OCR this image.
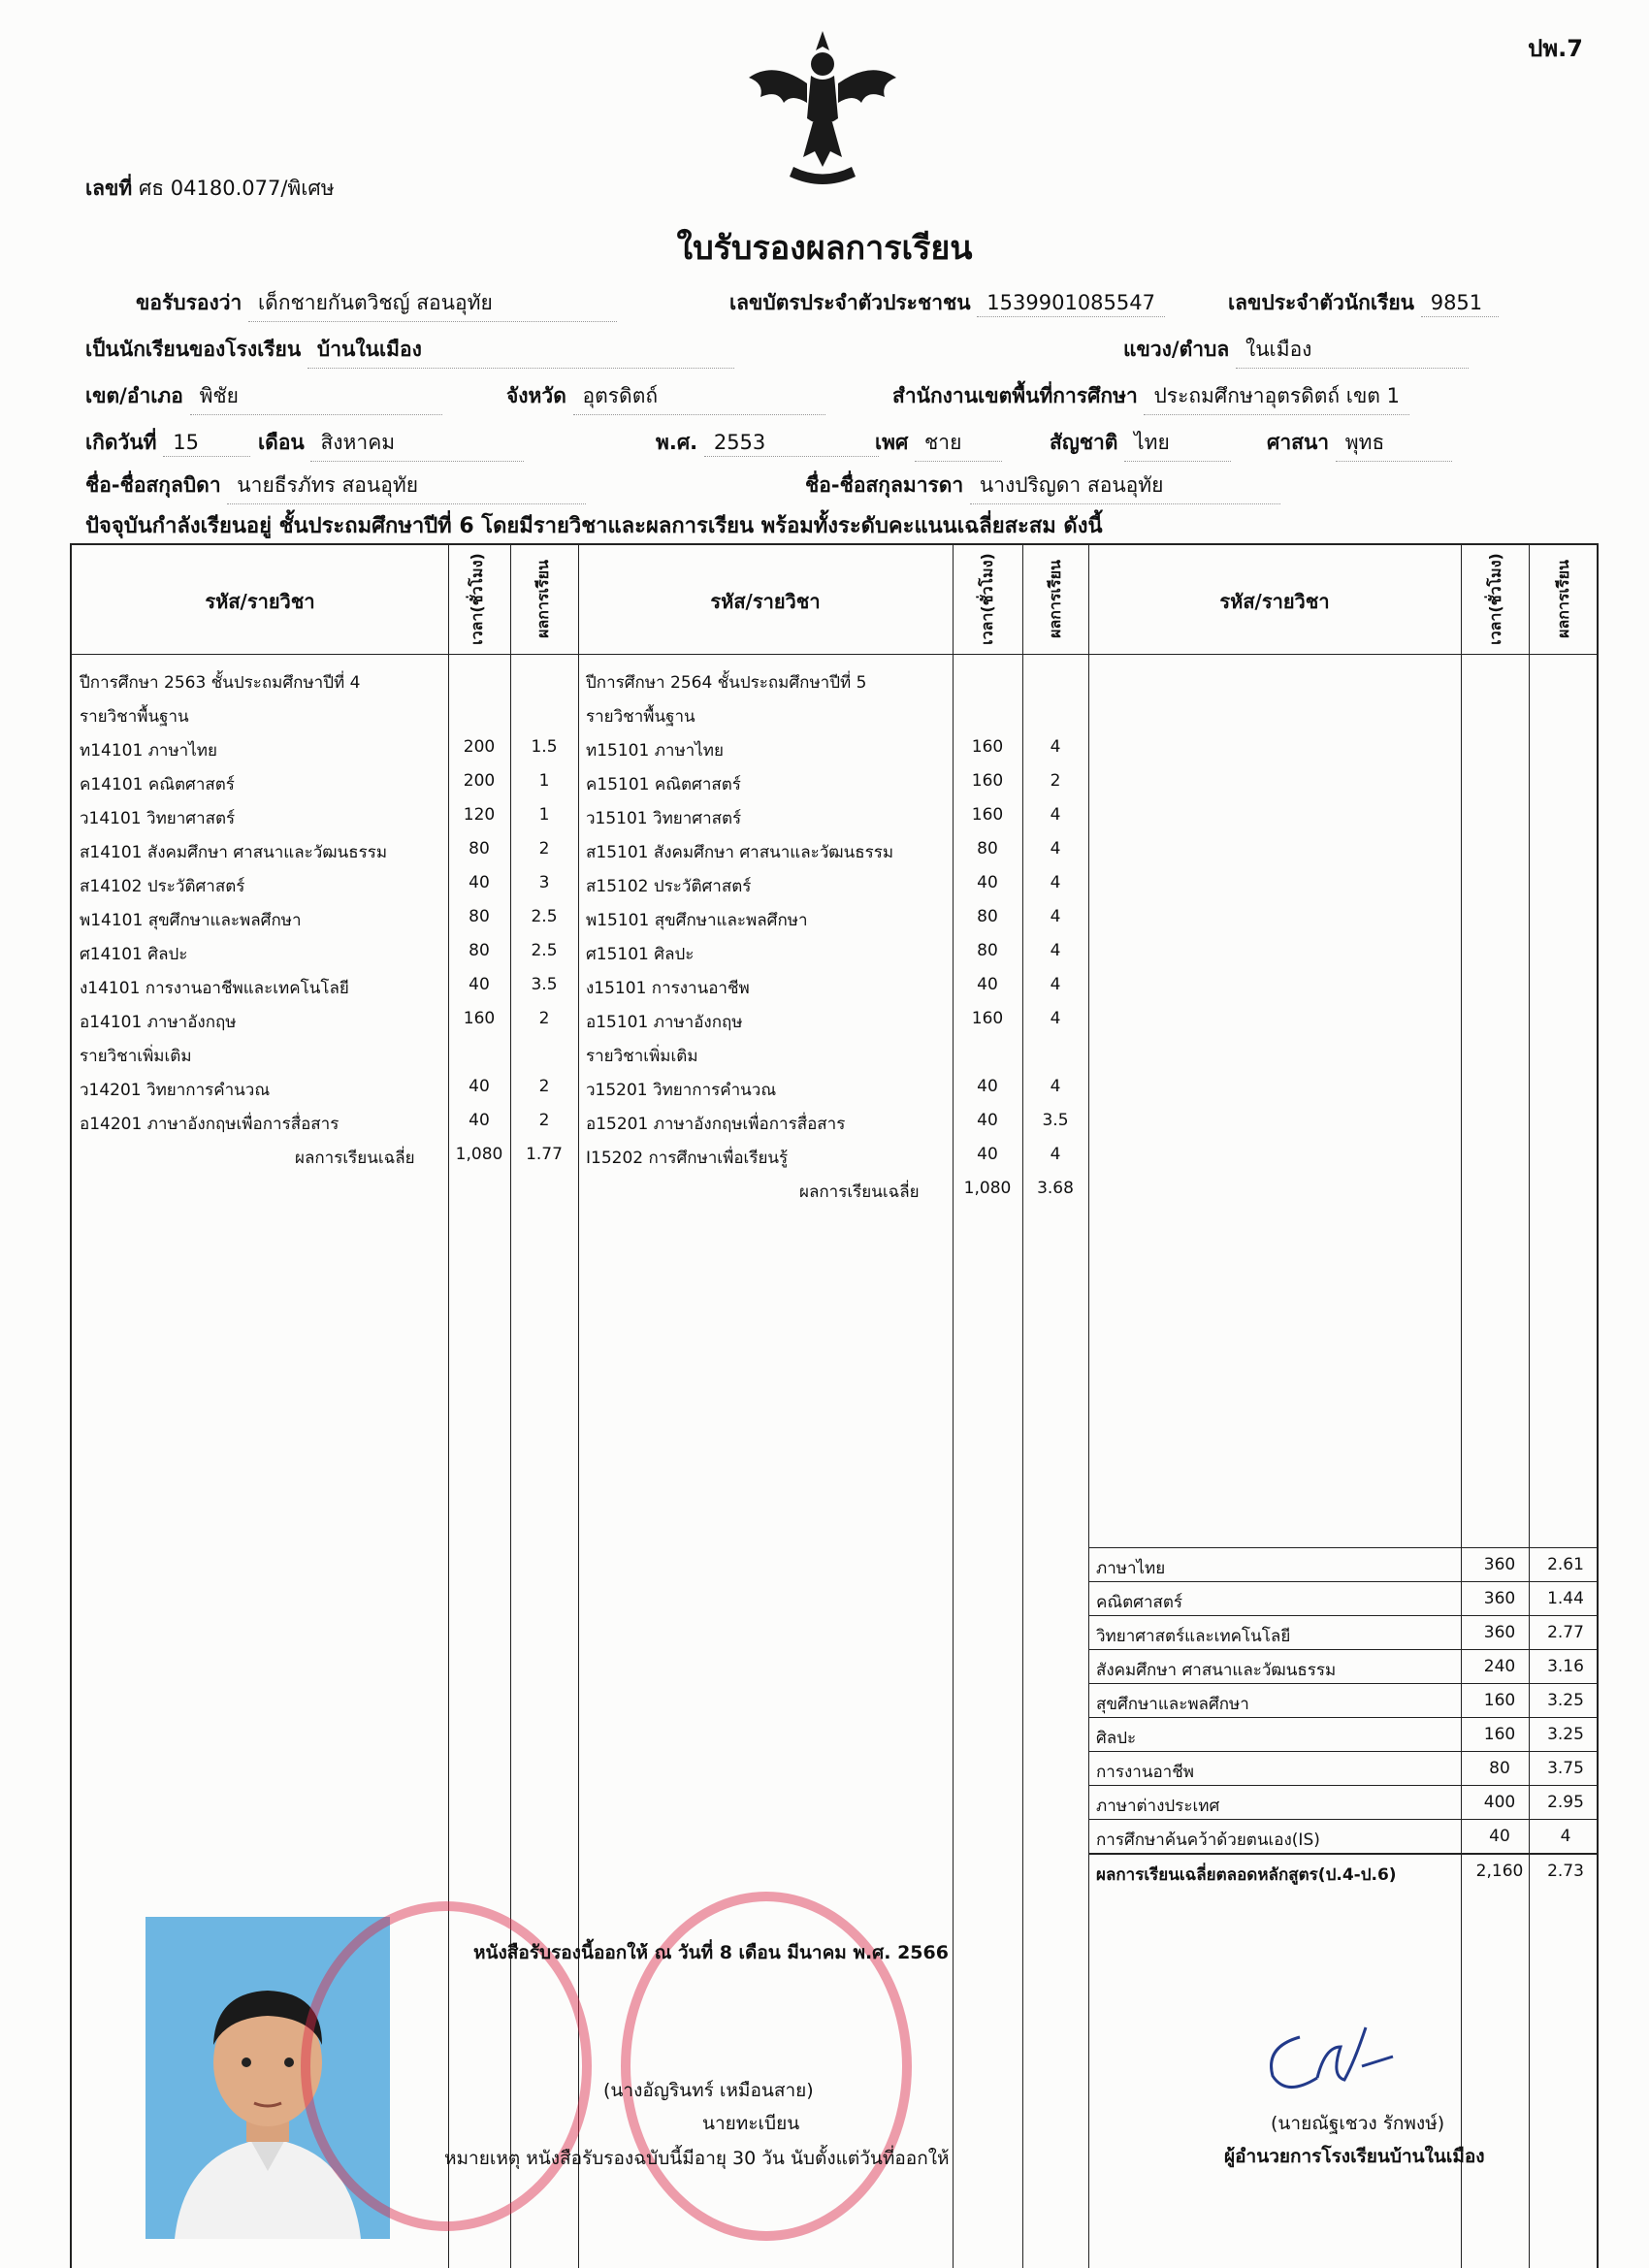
ปพ.7
เลขที่ ศธ 04180.077/พิเศษ
ใบรับรองผลการเรียน
ขอรับรองว่า เด็กชายกันตวิชญ์ สอนอุทัย	เลขบัตรประจำตัวประชาชน 1539901085547	เลขประจำตัวนักเรียน 9851
เป็นนักเรียนของโรงเรียน บ้านในเมือง	แขวง/ตำบล ในเมือง
เขต/อำเภอ พิชัย	จังหวัด อุตรดิตถ์	สำนักงานเขตพื้นที่การศึกษา ประถมศึกษาอุตรดิตถ์ เขต 1
เกิดวันที่ 15	เดือน สิงหาคม	พ.ศ. 2553	เพศ ชาย	สัญชาติ ไทย	ศาสนา พุทธ
ชื่อ-ชื่อสกุลบิดา นายธีรภัทร สอนอุทัย	ชื่อ-ชื่อสกุลมารดา นางปริญดา สอนอุทัย
ปัจจุบันกำลังเรียนอยู่ ชั้นประถมศึกษาปีที่ 6 โดยมีรายวิชาและผลการเรียน พร้อมทั้งระดับคะแนนเฉลี่ยสะสม ดังนี้
รหัส/รายวิชา	เวลา(ชั่วโมง)	ผลการเรียน	รหัส/รายวิชา	เวลา(ชั่วโมง)	ผลการเรียน	รหัส/รายวิชา	เวลา(ชั่วโมง)	ผลการเรียน
ปีการศึกษา 2563 ชั้นประถมศึกษาปีที่ 4
รายวิชาพื้นฐาน
ท14101 ภาษาไทย	200	1.5
ค14101 คณิตศาสตร์	200	1
ว14101 วิทยาศาสตร์	120	1
ส14101 สังคมศึกษา ศาสนาและวัฒนธรรม	80	2
ส14102 ประวัติศาสตร์	40	3
พ14101 สุขศึกษาและพลศึกษา	80	2.5
ศ14101 ศิลปะ	80	2.5
ง14101 การงานอาชีพและเทคโนโลยี	40	3.5
อ14101 ภาษาอังกฤษ	160	2
รายวิชาเพิ่มเติม
ว14201 วิทยาการคำนวณ	40	2
อ14201 ภาษาอังกฤษเพื่อการสื่อสาร	40	2
ผลการเรียนเฉลี่ย	1,080	1.77
ปีการศึกษา 2564 ชั้นประถมศึกษาปีที่ 5
รายวิชาพื้นฐาน
ท15101 ภาษาไทย	160	4
ค15101 คณิตศาสตร์	160	2
ว15101 วิทยาศาสตร์	160	4
ส15101 สังคมศึกษา ศาสนาและวัฒนธรรม	80	4
ส15102 ประวัติศาสตร์	40	4
พ15101 สุขศึกษาและพลศึกษา	80	4
ศ15101 ศิลปะ	80	4
ง15101 การงานอาชีพ	40	4
อ15101 ภาษาอังกฤษ	160	4
รายวิชาเพิ่มเติม
ว15201 วิทยาการคำนวณ	40	4
อ15201 ภาษาอังกฤษเพื่อการสื่อสาร	40	3.5
I15202 การศึกษาเพื่อเรียนรู้	40	4
ผลการเรียนเฉลี่ย	1,080	3.68
ภาษาไทย	360	2.61
คณิตศาสตร์	360	1.44
วิทยาศาสตร์และเทคโนโลยี	360	2.77
สังคมศึกษา ศาสนาและวัฒนธรรม	240	3.16
สุขศึกษาและพลศึกษา	160	3.25
ศิลปะ	160	3.25
การงานอาชีพ	80	3.75
ภาษาต่างประเทศ	400	2.95
การศึกษาค้นคว้าด้วยตนเอง(IS)	40	4
ผลการเรียนเฉลี่ยตลอดหลักสูตร(ป.4-ป.6)	2,160	2.73
หนังสือรับรองนี้ออกให้ ณ วันที่ 8 เดือน มีนาคม พ.ศ. 2566
(นางอัญรินทร์ เหมือนสาย)
นายทะเบียน
หมายเหตุ หนังสือรับรองฉบับนี้มีอายุ 30 วัน นับตั้งแต่วันที่ออกให้
(นายณัฐเชวง รักพงษ์)
ผู้อำนวยการโรงเรียนบ้านในเมือง
